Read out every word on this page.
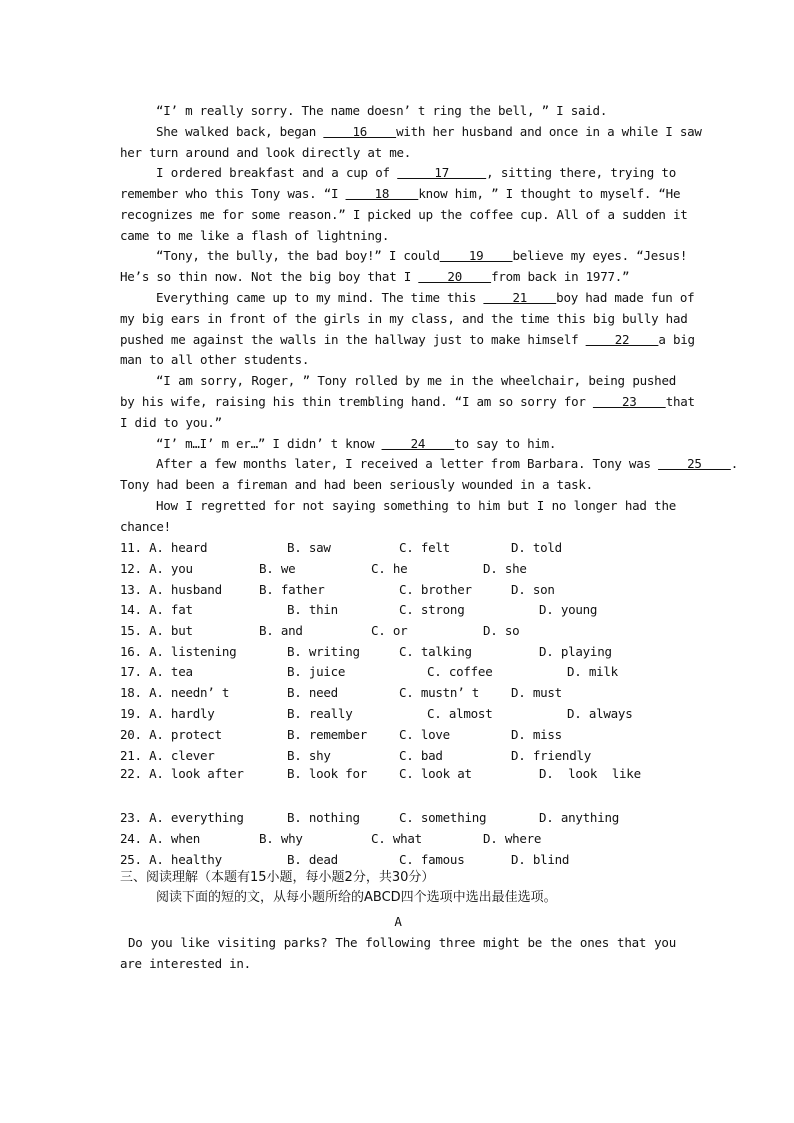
“I’ m really sorry. The name doesn’ t ring the bell, ” I said.
She walked back, began     16    with her husband and once in a while I saw
her turn around and look directly at me.
I ordered breakfast and a cup of      17     , sitting there, trying to
remember who this Tony was. “I     18    know him, ” I thought to myself. “He
recognizes me for some reason.” I picked up the coffee cup. All of a sudden it
came to me like a flash of lightning.
“Tony, the bully, the bad boy!” I could    19    believe my eyes. “Jesus!
He’s so thin now. Not the big boy that I     20    from back in 1977.”
Everything came up to my mind. The time this     21    boy had made fun of
my big ears in front of the girls in my class, and the time this big bully had
pushed me against the walls in the hallway just to make himself     22    a big
man to all other students.
“I am sorry, Roger, ” Tony rolled by me in the wheelchair, being pushed
by his wife, raising his thin trembling hand. “I am so sorry for     23    that
I did to you.”
“I’ m…I’ m er…” I didn’ t know     24    to say to him.
After a few months later, I received a letter from Barbara. Tony was     25    .
Tony had been a fireman and had been seriously wounded in a task.
How I regretted for not saying something to him but I no longer had the
chance!
11. A. heard	B. saw	C. felt	D. told
12. A. you	B. we	C. he	D. she
13. A. husband	B. father	C. brother	D. son
14. A. fat	B. thin	C. strong	D. young
15. A. but	B. and	C. or	D. so
16. A. listening	B. writing	C. talking	D. playing
17. A. tea	B. juice	C. coffee	D. milk
18. A. needn’ t	B. need	C. mustn’ t	D. must
19. A. hardly	B. really	C. almost	D. always
20. A. protect	B. remember	C. love	D. miss
21. A. clever	B. shy	C. bad	D. friendly
22. A. look after	B. look for	C. look at	D.  look  like
23. A. everything	B. nothing	C. something	D. anything
24. A. when	B. why	C. what	D. where
25. A. healthy	B. dead	C. famous	D. blind
三、阅读理解（本题有15小题，每小题2分，共30分）
阅读下面的短的文，从每小题所给的ABCD四个选项中选出最佳选项。
A
Do you like visiting parks? The following three might be the ones that you
are interested in.
